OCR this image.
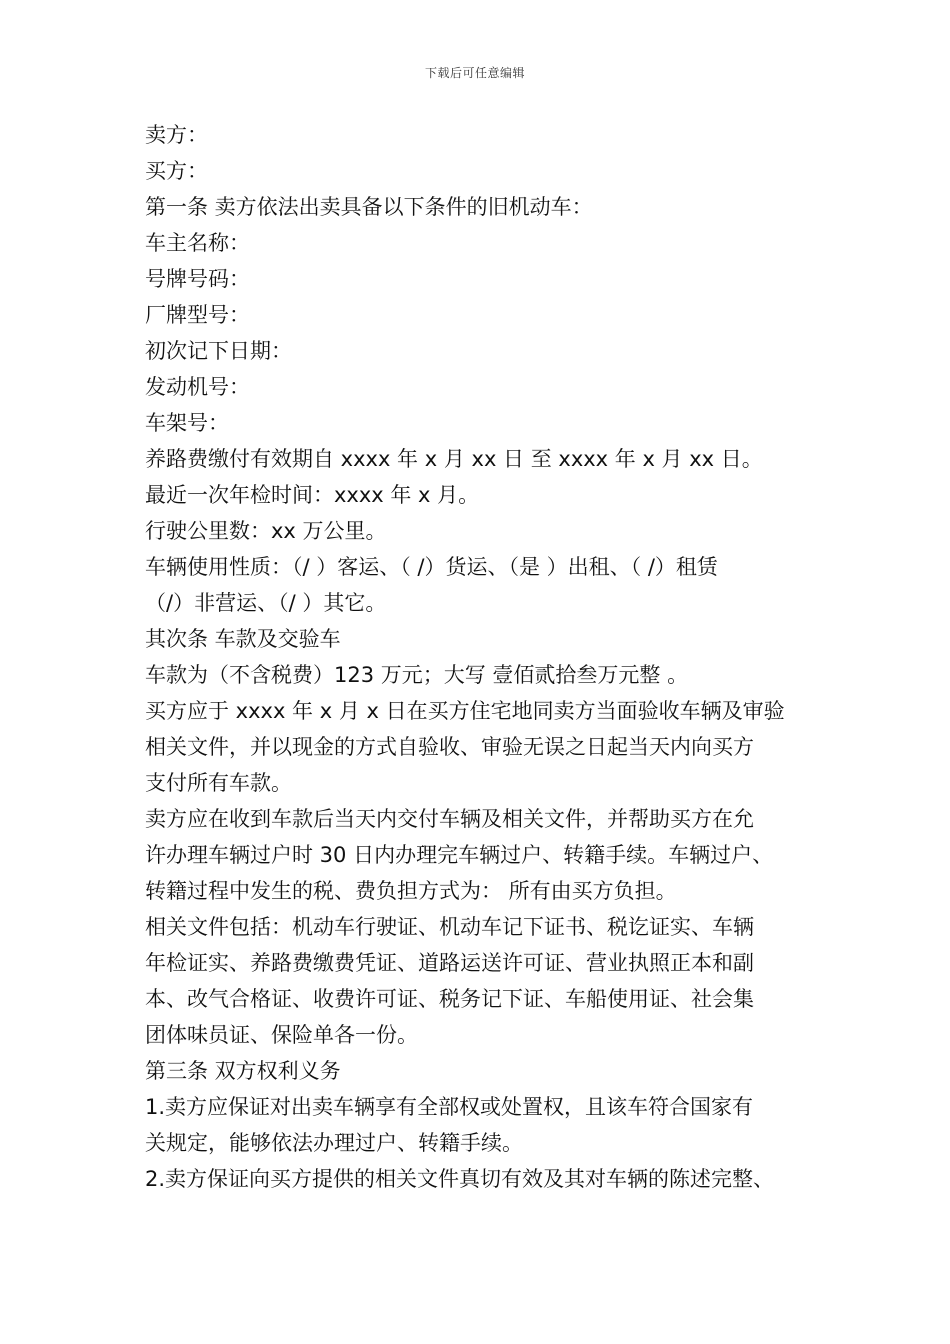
下载后可任意编辑
卖方：
买方：
第一条 卖方依法出卖具备以下条件的旧机动车：
车主名称：
号牌号码：
厂牌型号：
初次记下日期：
发动机号：
车架号：
养路费缴付有效期自 xxxx 年 x 月 xx 日 至 xxxx 年 x 月 xx 日。
最近一次年检时间：xxxx 年 x 月。
行驶公里数：xx 万公里。
车辆使用性质：（/ ）客运、（ /）货运、（是 ）出租、（ /）租赁
（/）非营运、（/ ）其它。
其次条 车款及交验车
车款为（不含税费）123 万元；大写 壹佰贰拾叁万元整 。
买方应于 xxxx 年 x 月 x 日在买方住宅地同卖方当面验收车辆及审验
相关文件，并以现金的方式自验收、审验无误之日起当天内向买方
支付所有车款。
卖方应在收到车款后当天内交付车辆及相关文件，并帮助买方在允
许办理车辆过户时 30 日内办理完车辆过户、转籍手续。车辆过户、
转籍过程中发生的税、费负担方式为： 所有由买方负担。
相关文件包括：机动车行驶证、机动车记下证书、税讫证实、车辆
年检证实、养路费缴费凭证、道路运送许可证、营业执照正本和副
本、改气合格证、收费许可证、税务记下证、车船使用证、社会集
团体味员证、保险单各一份。
第三条 双方权利义务
1.卖方应保证对出卖车辆享有全部权或处置权，且该车符合国家有
关规定，能够依法办理过户、转籍手续。
2.卖方保证向买方提供的相关文件真切有效及其对车辆的陈述完整、
